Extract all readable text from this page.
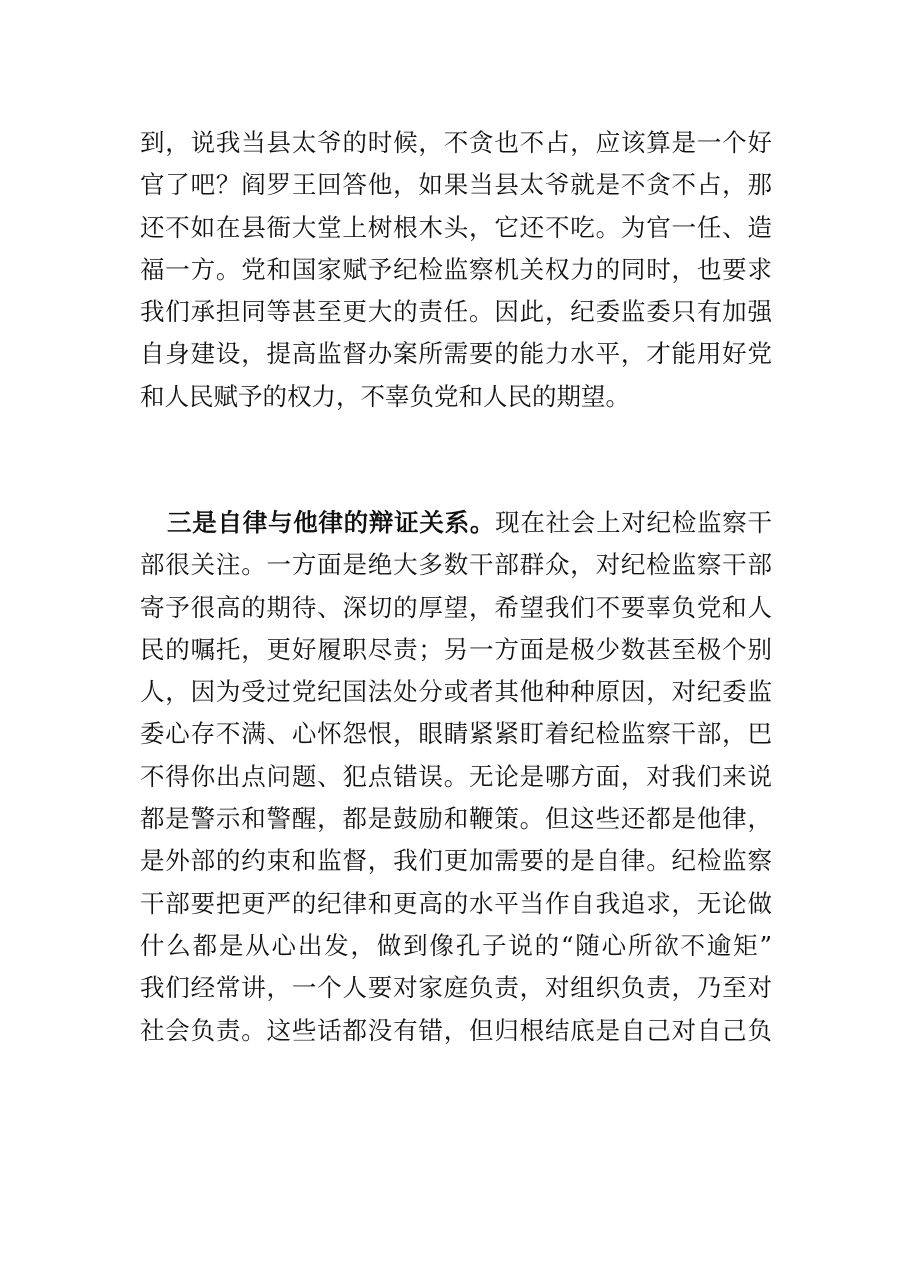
到，说我当县太爷的时候，不贪也不占，应该算是一个好
官了吧？阎罗王回答他，如果当县太爷就是不贪不占，那
还不如在县衙大堂上树根木头，它还不吃。为官一任、造
福一方。党和国家赋予纪检监察机关权力的同时，也要求
我们承担同等甚至更大的责任。因此，纪委监委只有加强
自身建设，提高监督办案所需要的能力水平，才能用好党
和人民赋予的权力，不辜负党和人民的期望。
三是自律与他律的辩证关系。现在社会上对纪检监察干
部很关注。一方面是绝大多数干部群众，对纪检监察干部
寄予很高的期待、深切的厚望，希望我们不要辜负党和人
民的嘱托，更好履职尽责；另一方面是极少数甚至极个别
人，因为受过党纪国法处分或者其他种种原因，对纪委监
委心存不满、心怀怨恨，眼睛紧紧盯着纪检监察干部，巴
不得你出点问题、犯点错误。无论是哪方面，对我们来说
都是警示和警醒，都是鼓励和鞭策。但这些还都是他律，
是外部的约束和监督，我们更加需要的是自律。纪检监察
干部要把更严的纪律和更高的水平当作自我追求，无论做
什么都是从心出发，做到像孔子说的“随心所欲不逾矩”
我们经常讲，一个人要对家庭负责，对组织负责，乃至对
社会负责。这些话都没有错，但归根结底是自己对自己负
